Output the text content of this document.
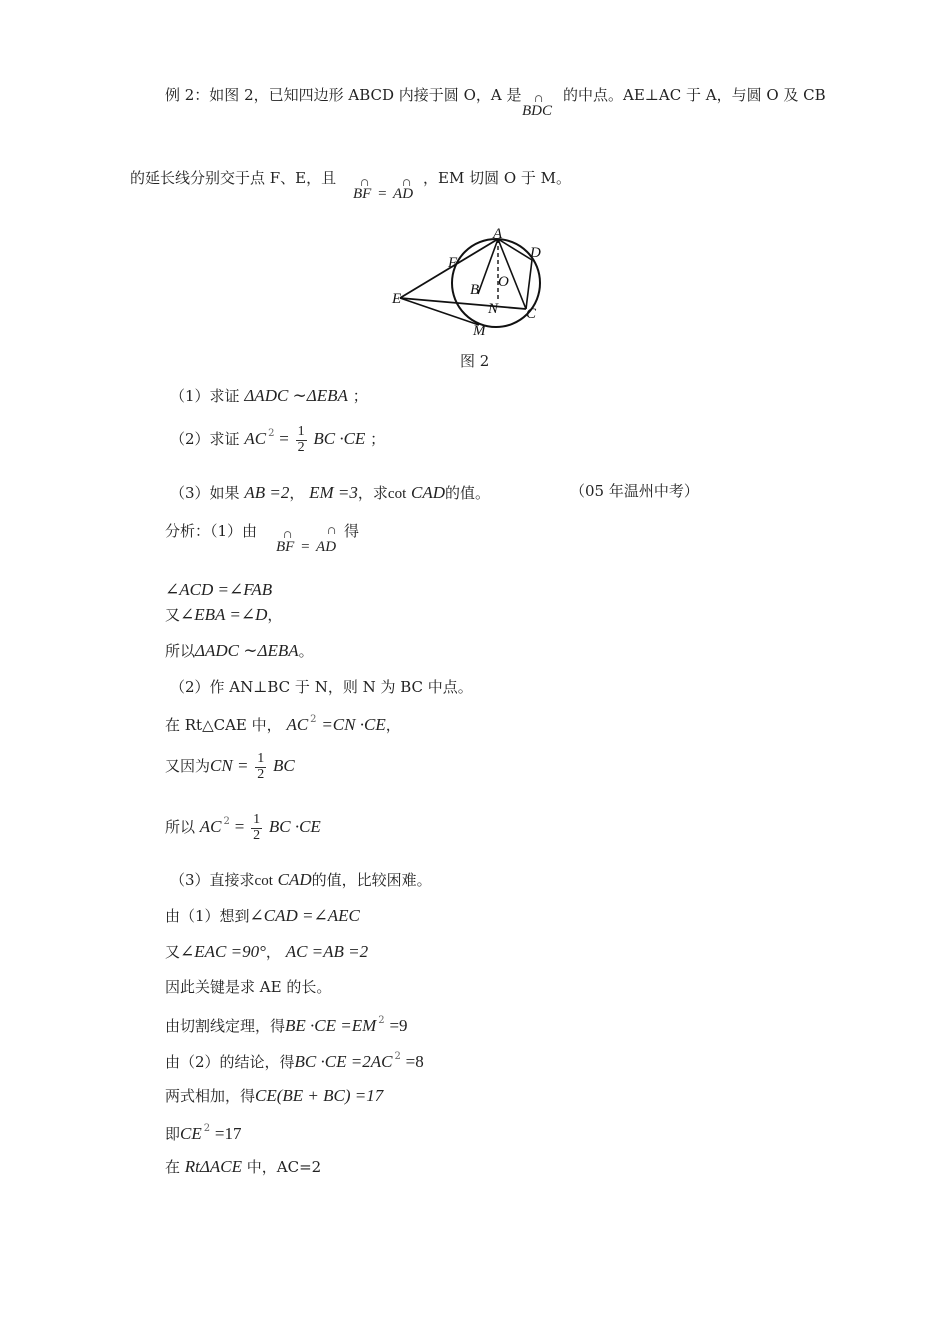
例 2：如图 2，已知四边形 ABCD 内接于圆 O，A 是 ∩
BDC
的中点。AE⊥AC 于 A，与圆 O 及 CB
的延长线分别交于点 F、E，且 ∩	∩
BF = AD
，EM 切圆 O 于 M。
A
D
F
O
E
B
N C
M
图 2
（1）求证 ΔADC ∼ΔEBA ；
（2）求证 AC $^2 = \frac{1}{2}$ BC ·CE ；
（3）如果 AB =2， EM =3，求cot CAD的值。	（05 年温州中考）
分析：（1）由 ∩	∩
BF = AD
得
∠ACD =∠FAB
又∠EBA =∠D，
所以ΔADC ∼ΔEBA。
（2）作 AN⊥BC 于 N，则 N 为 BC 中点。
在 Rt△CAE 中， AC $^2$ =CN ·CE，
又因为CN = $\frac{1}{2}$ BC
所以 AC $^2 = \frac{1}{2}$ BC ·CE
（3）直接求cot CAD的值，比较困难。
由（1）想到∠CAD =∠AEC
又∠EAC =90°， AC =AB =2
因此关键是求 AE 的长。
由切割线定理，得BE ·CE =EM $^2$ =9
由（2）的结论，得BC ·CE =2AC $^2$ =8
两式相加，得CE(BE + BC) =17
即CE $^2$ =17
在 RtΔACE 中，AC=2
